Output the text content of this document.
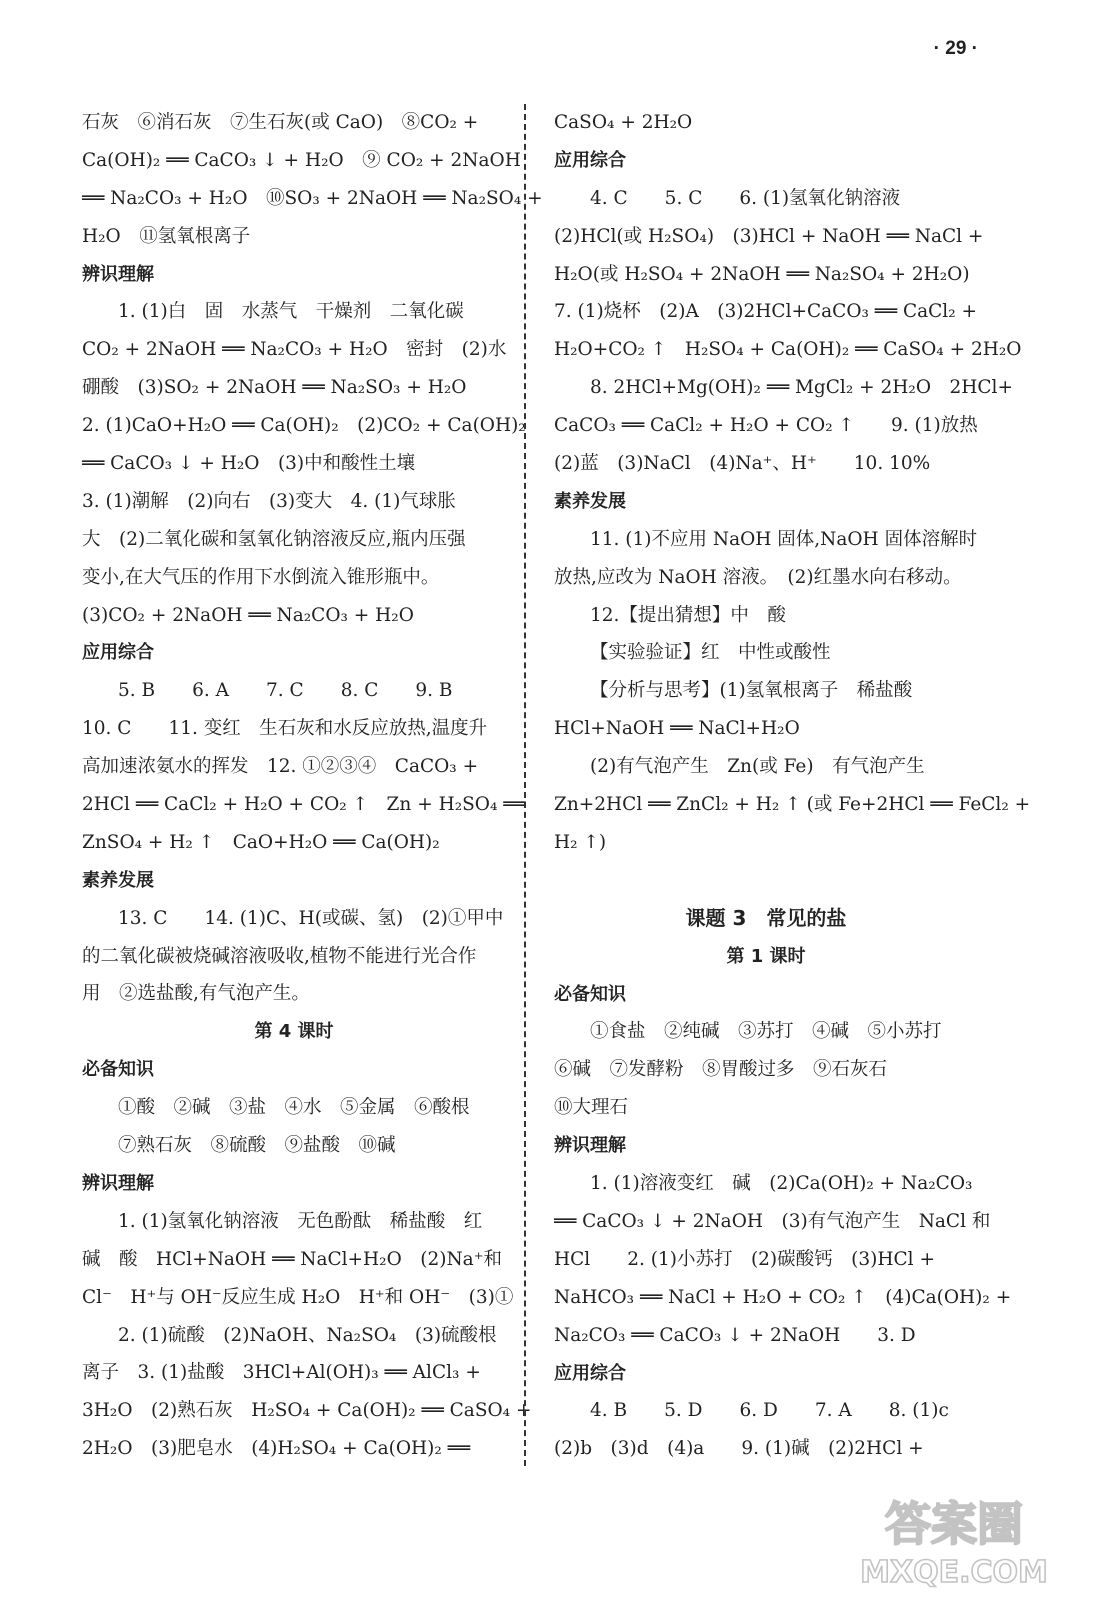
· 29 ·
石灰　⑥消石灰　⑦生石灰(或 CaO)　⑧CO₂ +
Ca(OH)₂ ══ CaCO₃ ↓ + H₂O　⑨ CO₂ + 2NaOH
══ Na₂CO₃ + H₂O　⑩SO₃ + 2NaOH ══ Na₂SO₄ +
H₂O　⑪氢氧根离子
辨识理解
1. (1)白　固　水蒸气　干燥剂　二氧化碳
CO₂ + 2NaOH ══ Na₂CO₃ + H₂O　密封　(2)水
硼酸　(3)SO₂ + 2NaOH ══ Na₂SO₃ + H₂O
2. (1)CaO+H₂O ══ Ca(OH)₂　(2)CO₂ + Ca(OH)₂
══ CaCO₃ ↓ + H₂O　(3)中和酸性土壤
3. (1)潮解　(2)向右　(3)变大　4. (1)气球胀
大　(2)二氧化碳和氢氧化钠溶液反应,瓶内压强
变小,在大气压的作用下水倒流入锥形瓶中。
(3)CO₂ + 2NaOH ══ Na₂CO₃ + H₂O
应用综合
5. B　　6. A　　7. C　　8. C　　9. B
10. C　　11. 变红　生石灰和水反应放热,温度升
高加速浓氨水的挥发　12. ①②③④　CaCO₃ +
2HCl ══ CaCl₂ + H₂O + CO₂ ↑　Zn + H₂SO₄ ══
ZnSO₄ + H₂ ↑　CaO+H₂O ══ Ca(OH)₂
素养发展
13. C　　14. (1)C、H(或碳、氢)　(2)①甲中
的二氧化碳被烧碱溶液吸收,植物不能进行光合作
用　②选盐酸,有气泡产生。
第 4 课时
必备知识
①酸　②碱　③盐　④水　⑤金属　⑥酸根
⑦熟石灰　⑧硫酸　⑨盐酸　⑩碱
辨识理解
1. (1)氢氧化钠溶液　无色酚酞　稀盐酸　红
碱　酸　HCl+NaOH ══ NaCl+H₂O　(2)Na⁺和
Cl⁻　H⁺与 OH⁻反应生成 H₂O　H⁺和 OH⁻　(3)①
2. (1)硫酸　(2)NaOH、Na₂SO₄　(3)硫酸根
离子　3. (1)盐酸　3HCl+Al(OH)₃ ══ AlCl₃ +
3H₂O　(2)熟石灰　H₂SO₄ + Ca(OH)₂ ══ CaSO₄ +
2H₂O　(3)肥皂水　(4)H₂SO₄ + Ca(OH)₂ ══
CaSO₄ + 2H₂O
应用综合
4. C　　5. C　　6. (1)氢氧化钠溶液
(2)HCl(或 H₂SO₄)　(3)HCl + NaOH ══ NaCl +
H₂O(或 H₂SO₄ + 2NaOH ══ Na₂SO₄ + 2H₂O)
7. (1)烧杯　(2)A　(3)2HCl+CaCO₃ ══ CaCl₂ +
H₂O+CO₂ ↑　H₂SO₄ + Ca(OH)₂ ══ CaSO₄ + 2H₂O
8. 2HCl+Mg(OH)₂ ══ MgCl₂ + 2H₂O　2HCl+
CaCO₃ ══ CaCl₂ + H₂O + CO₂ ↑　　9. (1)放热
(2)蓝　(3)NaCl　(4)Na⁺、H⁺　　10. 10%
素养发展
11. (1)不应用 NaOH 固体,NaOH 固体溶解时
放热,应改为 NaOH 溶液。　(2)红墨水向右移动。
12.【提出猜想】中　酸
【实验验证】红　中性或酸性
【分析与思考】(1)氢氧根离子　稀盐酸
HCl+NaOH ══ NaCl+H₂O
(2)有气泡产生　Zn(或 Fe)　有气泡产生
Zn+2HCl ══ ZnCl₂ + H₂ ↑ (或 Fe+2HCl ══ FeCl₂ +
H₂ ↑)
课题 3　常见的盐
第 1 课时
必备知识
①食盐　②纯碱　③苏打　④碱　⑤小苏打
⑥碱　⑦发酵粉　⑧胃酸过多　⑨石灰石
⑩大理石
辨识理解
1. (1)溶液变红　碱　(2)Ca(OH)₂ + Na₂CO₃
══ CaCO₃ ↓ + 2NaOH　(3)有气泡产生　NaCl 和
HCl　　2. (1)小苏打　(2)碳酸钙　(3)HCl +
NaHCO₃ ══ NaCl + H₂O + CO₂ ↑　(4)Ca(OH)₂ +
Na₂CO₃ ══ CaCO₃ ↓ + 2NaOH　　3. D
应用综合
4. B　　5. D　　6. D　　7. A　　8. (1)c
(2)b　(3)d　(4)a　　9. (1)碱　(2)2HCl +
答案圈
MXQE.COM
